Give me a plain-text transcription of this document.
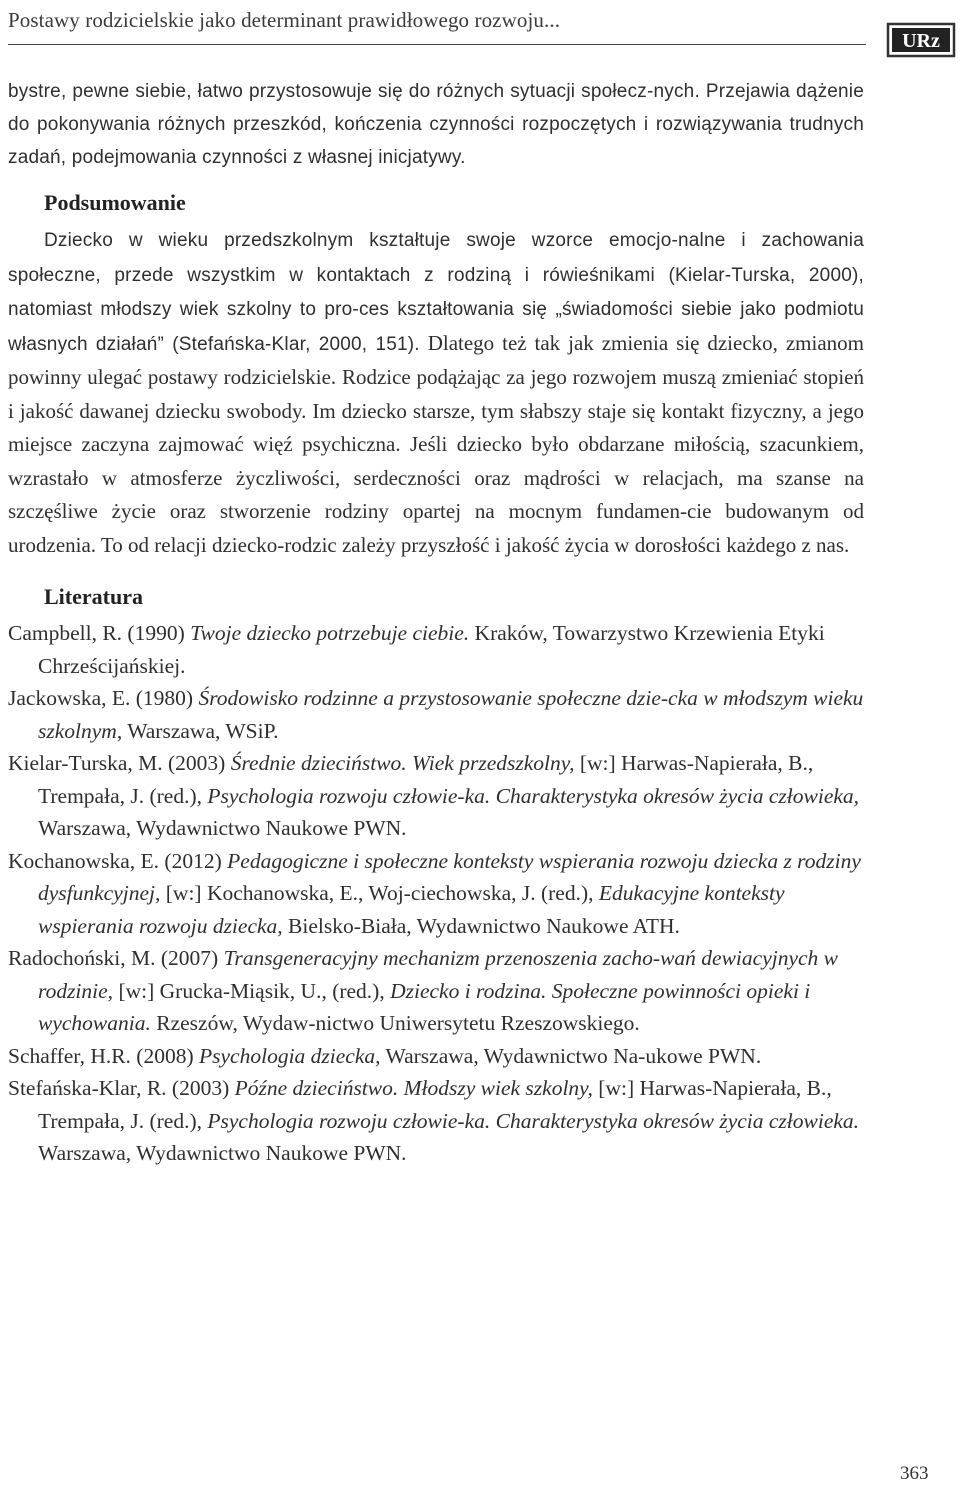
Postawy rodzicielskie jako determinant prawidłowego rozwoju...
URz

bystre, pewne siebie, łatwo przystosowuje się do różnych sytuacji społecz-nych. Przejawia dążenie do pokonywania różnych przeszkód, kończenia czynności rozpoczętych i rozwiązywania trudnych zadań, podejmowania czynności z własnej inicjatywy.

Podsumowanie

Dziecko w wieku przedszkolnym kształtuje swoje wzorce emocjo-nalne i zachowania społeczne, przede wszystkim w kontaktach z rodziną i rówieśnikami (Kielar-Turska, 2000), natomiast młodszy wiek szkolny to pro-ces kształtowania się „świadomości siebie jako podmiotu własnych działań” (Stefańska-Klar, 2000, 151). Dlatego też tak jak zmienia się dziecko, zmianom powinny ulegać postawy rodzicielskie. Rodzice podążając za jego rozwojem muszą zmieniać stopień i jakość dawanej dziecku swobody. Im dziecko starsze, tym słabszy staje się kontakt fizyczny, a jego miejsce zaczyna zajmować więź psychiczna. Jeśli dziecko było obdarzane miłością, szacunkiem, wzrastało w atmosferze życzliwości, serdeczności oraz mądrości w relacjach, ma szanse na szczęśliwe życie oraz stworzenie rodziny opartej na mocnym fundamen-cie budowanym od urodzenia. To od relacji dziecko-rodzic zależy przyszłość i jakość życia w dorosłości każdego z nas.

Literatura

Campbell, R. (1990) Twoje dziecko potrzebuje ciebie. Kraków, Towarzystwo Krzewienia Etyki Chrześcijańskiej.

Jackowska, E. (1980) Środowisko rodzinne a przystosowanie społeczne dzie-cka w młodszym wieku szkolnym, Warszawa, WSiP.

Kielar-Turska, M. (2003) Średnie dzieciństwo. Wiek przedszkolny, [w:] Harwas-Napierała, B., Trempała, J. (red.), Psychologia rozwoju człowie-ka. Charakterystyka okresów życia człowieka, Warszawa, Wydawnictwo Naukowe PWN.

Kochanowska, E. (2012) Pedagogiczne i społeczne konteksty wspierania rozwoju dziecka z rodziny dysfunkcyjnej, [w:] Kochanowska, E., Woj-ciechowska, J. (red.), Edukacyjne konteksty wspierania rozwoju dziecka, Bielsko-Biała, Wydawnictwo Naukowe ATH.

Radochoński, M. (2007) Transgeneracyjny mechanizm przenoszenia zacho-wań dewiacyjnych w rodzinie, [w:] Grucka-Miąsik, U., (red.), Dziecko i rodzina. Społeczne powinności opieki i wychowania. Rzeszów, Wydaw-nictwo Uniwersytetu Rzeszowskiego.

Schaffer, H.R. (2008) Psychologia dziecka, Warszawa, Wydawnictwo Na-ukowe PWN.

Stefańska-Klar, R. (2003) Późne dzieciństwo. Młodszy wiek szkolny, [w:] Harwas-Napierała, B., Trempała, J. (red.), Psychologia rozwoju człowie-ka. Charakterystyka okresów życia człowieka. Warszawa, Wydawnictwo Naukowe PWN.

363
